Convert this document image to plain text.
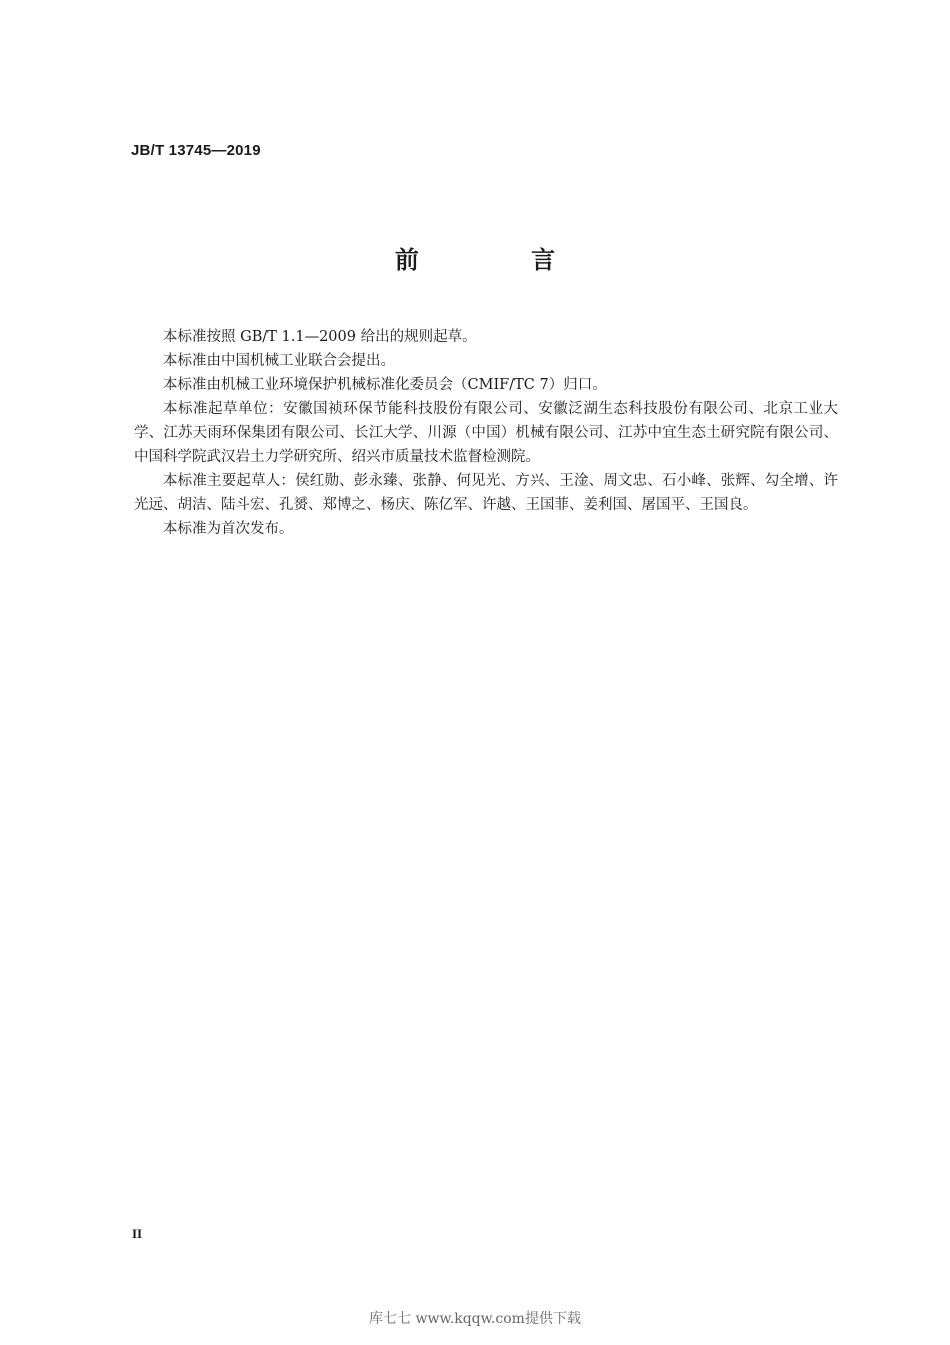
JB/T 13745—2019
前 言

本标准按照 GB/T 1.1—2009 给出的规则起草。

本标准由中国机械工业联合会提出。

本标准由机械工业环境保护机械标准化委员会（CMIF/TC 7）归口。

本标准起草单位：安徽国祯环保节能科技股份有限公司、安徽泛湖生态科技股份有限公司、北京工业大学、江苏天雨环保集团有限公司、长江大学、川源（中国）机械有限公司、江苏中宜生态土研究院有限公司、中国科学院武汉岩土力学研究所、绍兴市质量技术监督检测院。

本标准主要起草人：侯红勋、彭永臻、张静、何见光、方兴、王淦、周文忠、石小峰、张辉、勾全增、许光远、胡洁、陆斗宏、孔赟、郑博之、杨庆、陈亿军、许越、王国菲、姜利国、屠国平、王国良。

本标准为首次发布。

II
库七七 www.kqqw.com提供下载
